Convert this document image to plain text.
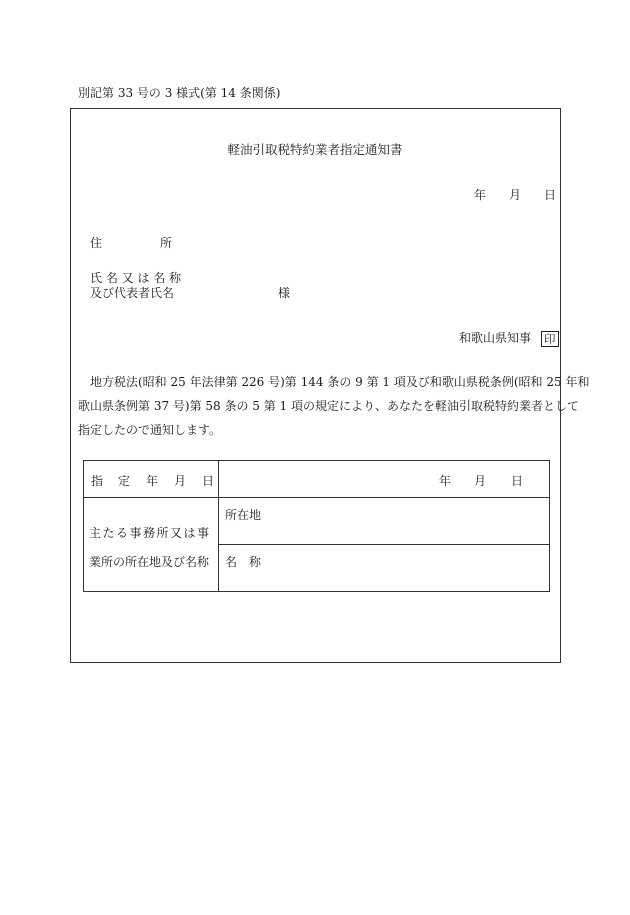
別記第 33 号の 3 様式(第 14 条関係)
軽油引取税特約業者指定通知書
年 月 日
住	所
氏 名 又 は 名 称
及び代表者氏名	様
和歌山県知事 印

地方税法(昭和 25 年法律第 226 号)第 144 条の 9 第 1 項及び和歌山県税条例(昭和 25 年和

歌山県条例第 37 号)第 58 条の 5 第 1 項の規定により、あなたを軽油引取税特約業者として

指定したので通知します。

指 定 年 月 日	年 月 日

主たる事務所又は事
業所の所在地及び名称	所在地

	名 称
